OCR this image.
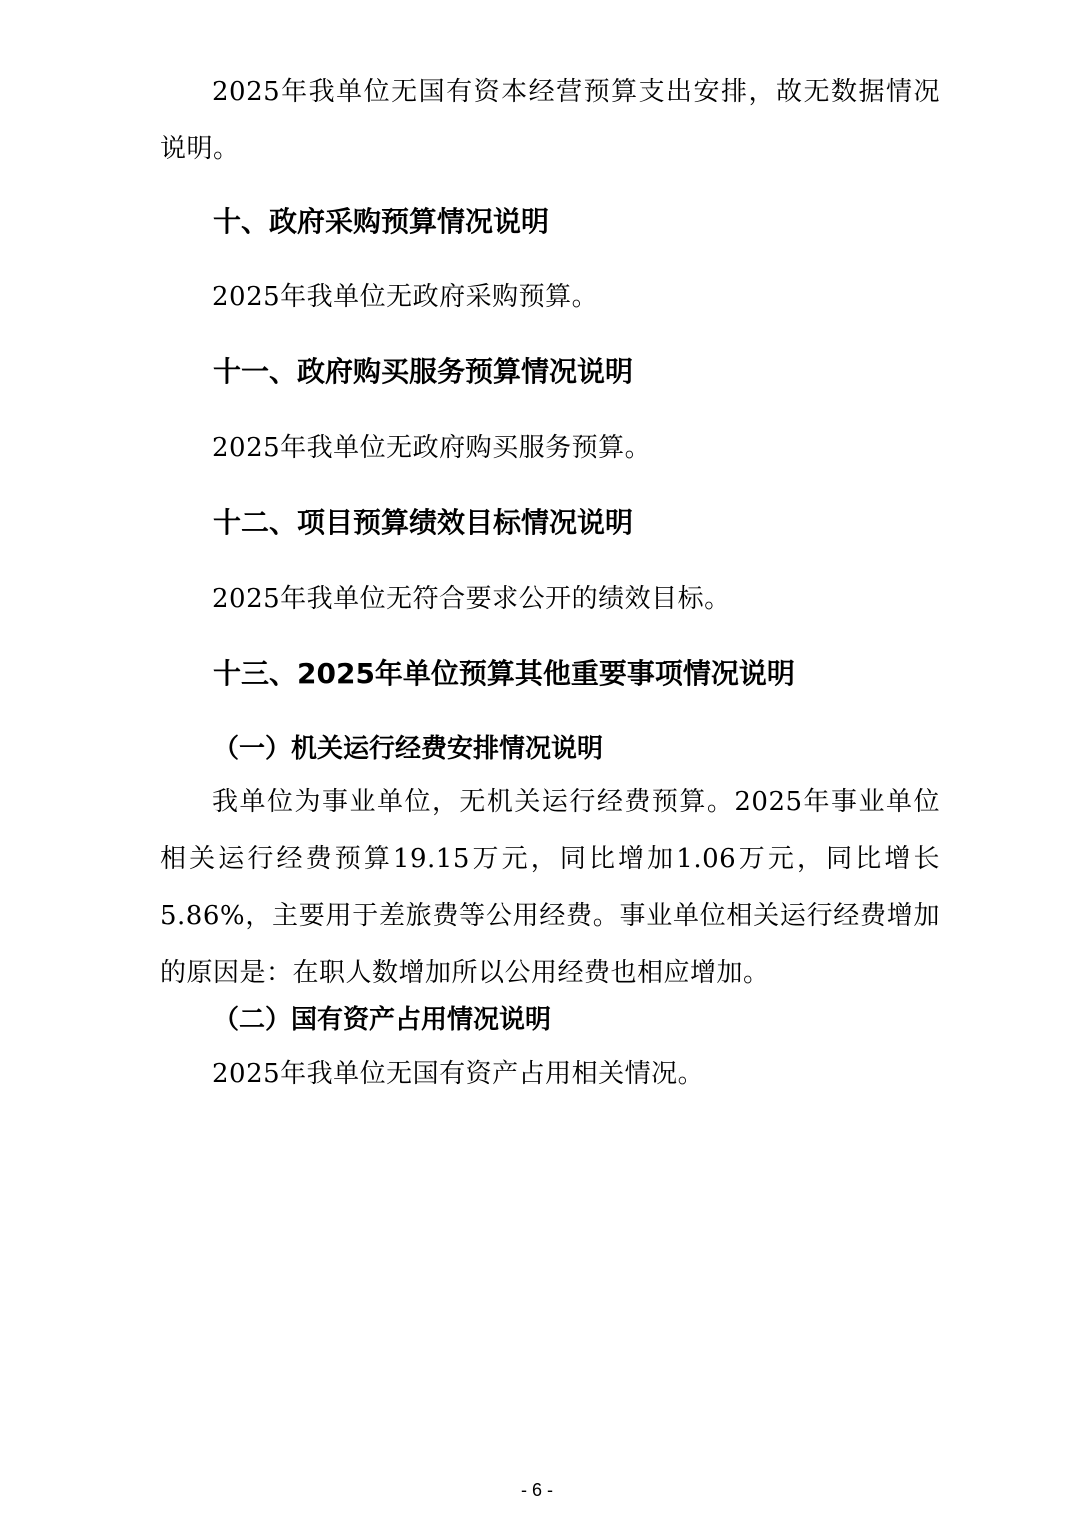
2025年我单位无国有资本经营预算支出安排，故无数据情况说明。

十、政府采购预算情况说明

2025年我单位无政府采购预算。

十一、政府购买服务预算情况说明

2025年我单位无政府购买服务预算。

十二、项目预算绩效目标情况说明

2025年我单位无符合要求公开的绩效目标。

十三、2025年单位预算其他重要事项情况说明
（一）机关运行经费安排情况说明

我单位为事业单位，无机关运行经费预算。2025年事业单位相关运行经费预算19.15万元，同比增加1.06万元，同比增长5.86%，主要用于差旅费等公用经费。事业单位相关运行经费增加的原因是：在职人数增加所以公用经费也相应增加。

（二）国有资产占用情况说明

2025年我单位无国有资产占用相关情况。

- 6 -
